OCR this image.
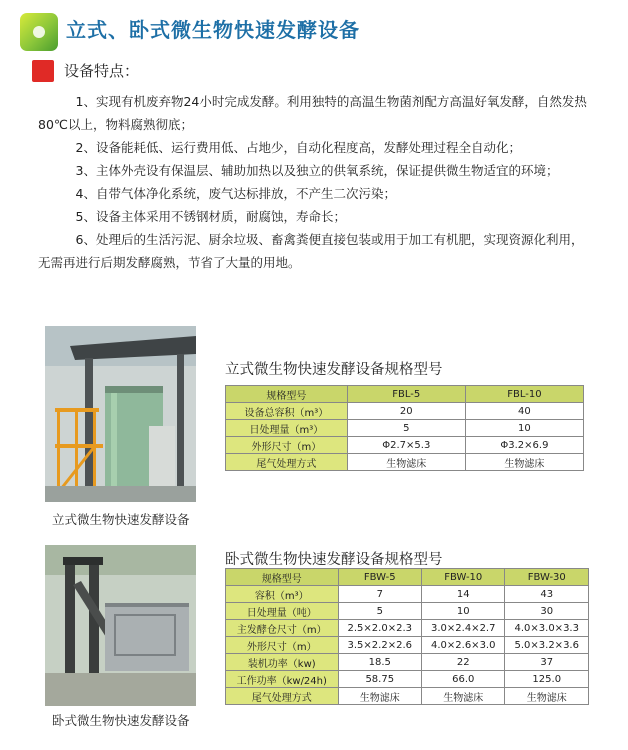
立式、卧式微生物快速发酵设备
设备特点：

1、实现有机废弃物24小时完成发酵。利用独特的高温生物菌剂配方高温好氧发酵，自然发热80℃以上，物料腐熟彻底；

2、设备能耗低、运行费用低、占地少，自动化程度高，发酵处理过程全自动化；

3、主体外壳设有保温层、辅助加热以及独立的供氧系统，保证提供微生物适宜的环境；

4、自带气体净化系统，废气达标排放，不产生二次污染；

5、设备主体采用不锈钢材质，耐腐蚀，寿命长；

6、处理后的生活污泥、厨余垃圾、畜禽粪便直接包装或用于加工有机肥，实现资源化利用，无需再进行后期发酵腐熟，节省了大量的用地。

立式微生物快速发酵设备
立式微生物快速发酵设备规格型号
规格型号	FBL-5	FBL-10
设备总容积（m³）	20	40
日处理量（m³）	5	10
外形尺寸（m）	Φ2.7×5.3	Φ3.2×6.9
尾气处理方式	生物滤床	生物滤床
卧式微生物快速发酵设备
卧式微生物快速发酵设备规格型号
规格型号	FBW-5	FBW-10	FBW-30
容积（m³）	7	14	43
日处理量（吨）	5	10	30
主发酵仓尺寸（m）	2.5×2.0×2.3	3.0×2.4×2.7	4.0×3.0×3.3
外形尺寸（m）	3.5×2.2×2.6	4.0×2.6×3.0	5.0×3.2×3.6
装机功率（kw)	18.5	22	37
工作功率（kw/24h)	58.75	66.0	125.0
尾气处理方式	生物滤床	生物滤床	生物滤床
